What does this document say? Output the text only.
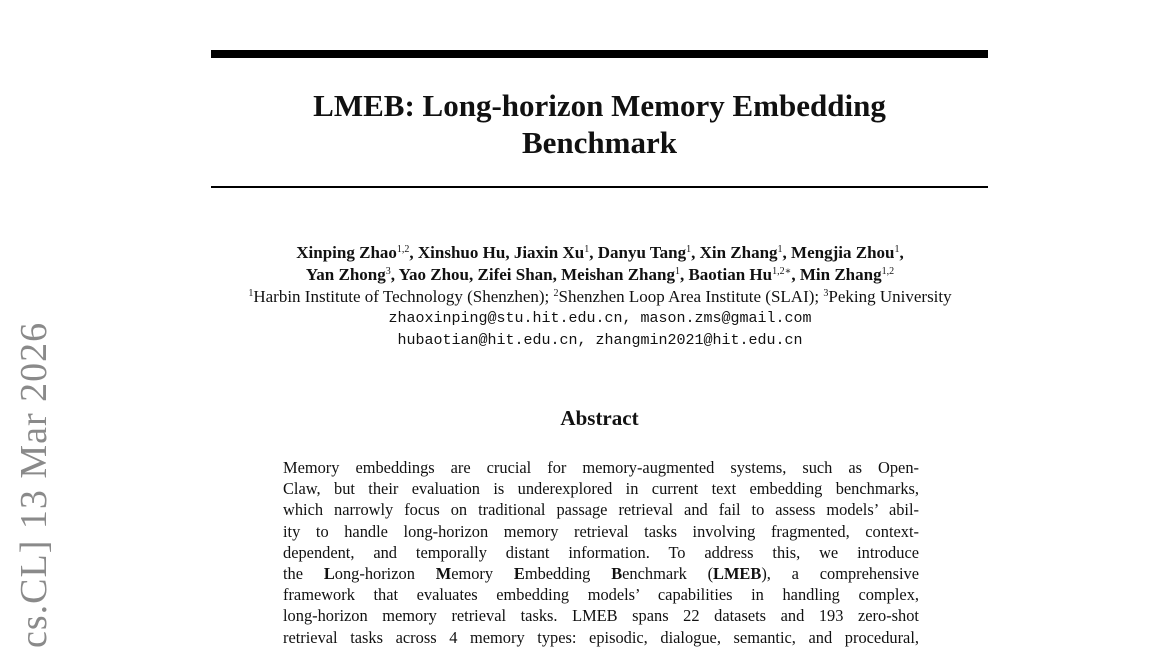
LMEB: Long-horizon Memory Embedding
Benchmark
Xinping Zhao$^{1,2}$, Xinshuo Hu, Jiaxin Xu$^1$, Danyu Tang$^1$, Xin Zhang$^1$, Mengjia Zhou$^1$,
Yan Zhong$^3$, Yao Zhou, Zifei Shan, Meishan Zhang$^1$, Baotian $Hu^{1,2∗}$, Min Zhang$^{1,2}$
$^1$Harbin Institute of Technology (Shenzhen); $^2$Shenzhen Loop Area Institute (SLAI); $^3$Peking University
zhaoxinping@stu.hit.edu.cn, mason.zms@gmail.com
hubaotian@hit.edu.cn, zhangmin2021@hit.edu.cn
Abstract
Memory embeddings are crucial for memory-augmented systems, such as Open-
Claw, but their evaluation is underexplored in current text embedding benchmarks,
which narrowly focus on traditional passage retrieval and fail to assess models’ abil-
ity to handle long-horizon memory retrieval tasks involving fragmented, context-
dependent, and temporally distant information. To address this, we introduce
the Long-horizon Memory Embedding Benchmark (LMEB), a comprehensive
framework that evaluates embedding models’ capabilities in handling complex,
long-horizon memory retrieval tasks. LMEB spans 22 datasets and 193 zero-shot
retrieval tasks across 4 memory types: episodic, dialogue, semantic, and procedural,
cs.CL] 13 Mar 2026
